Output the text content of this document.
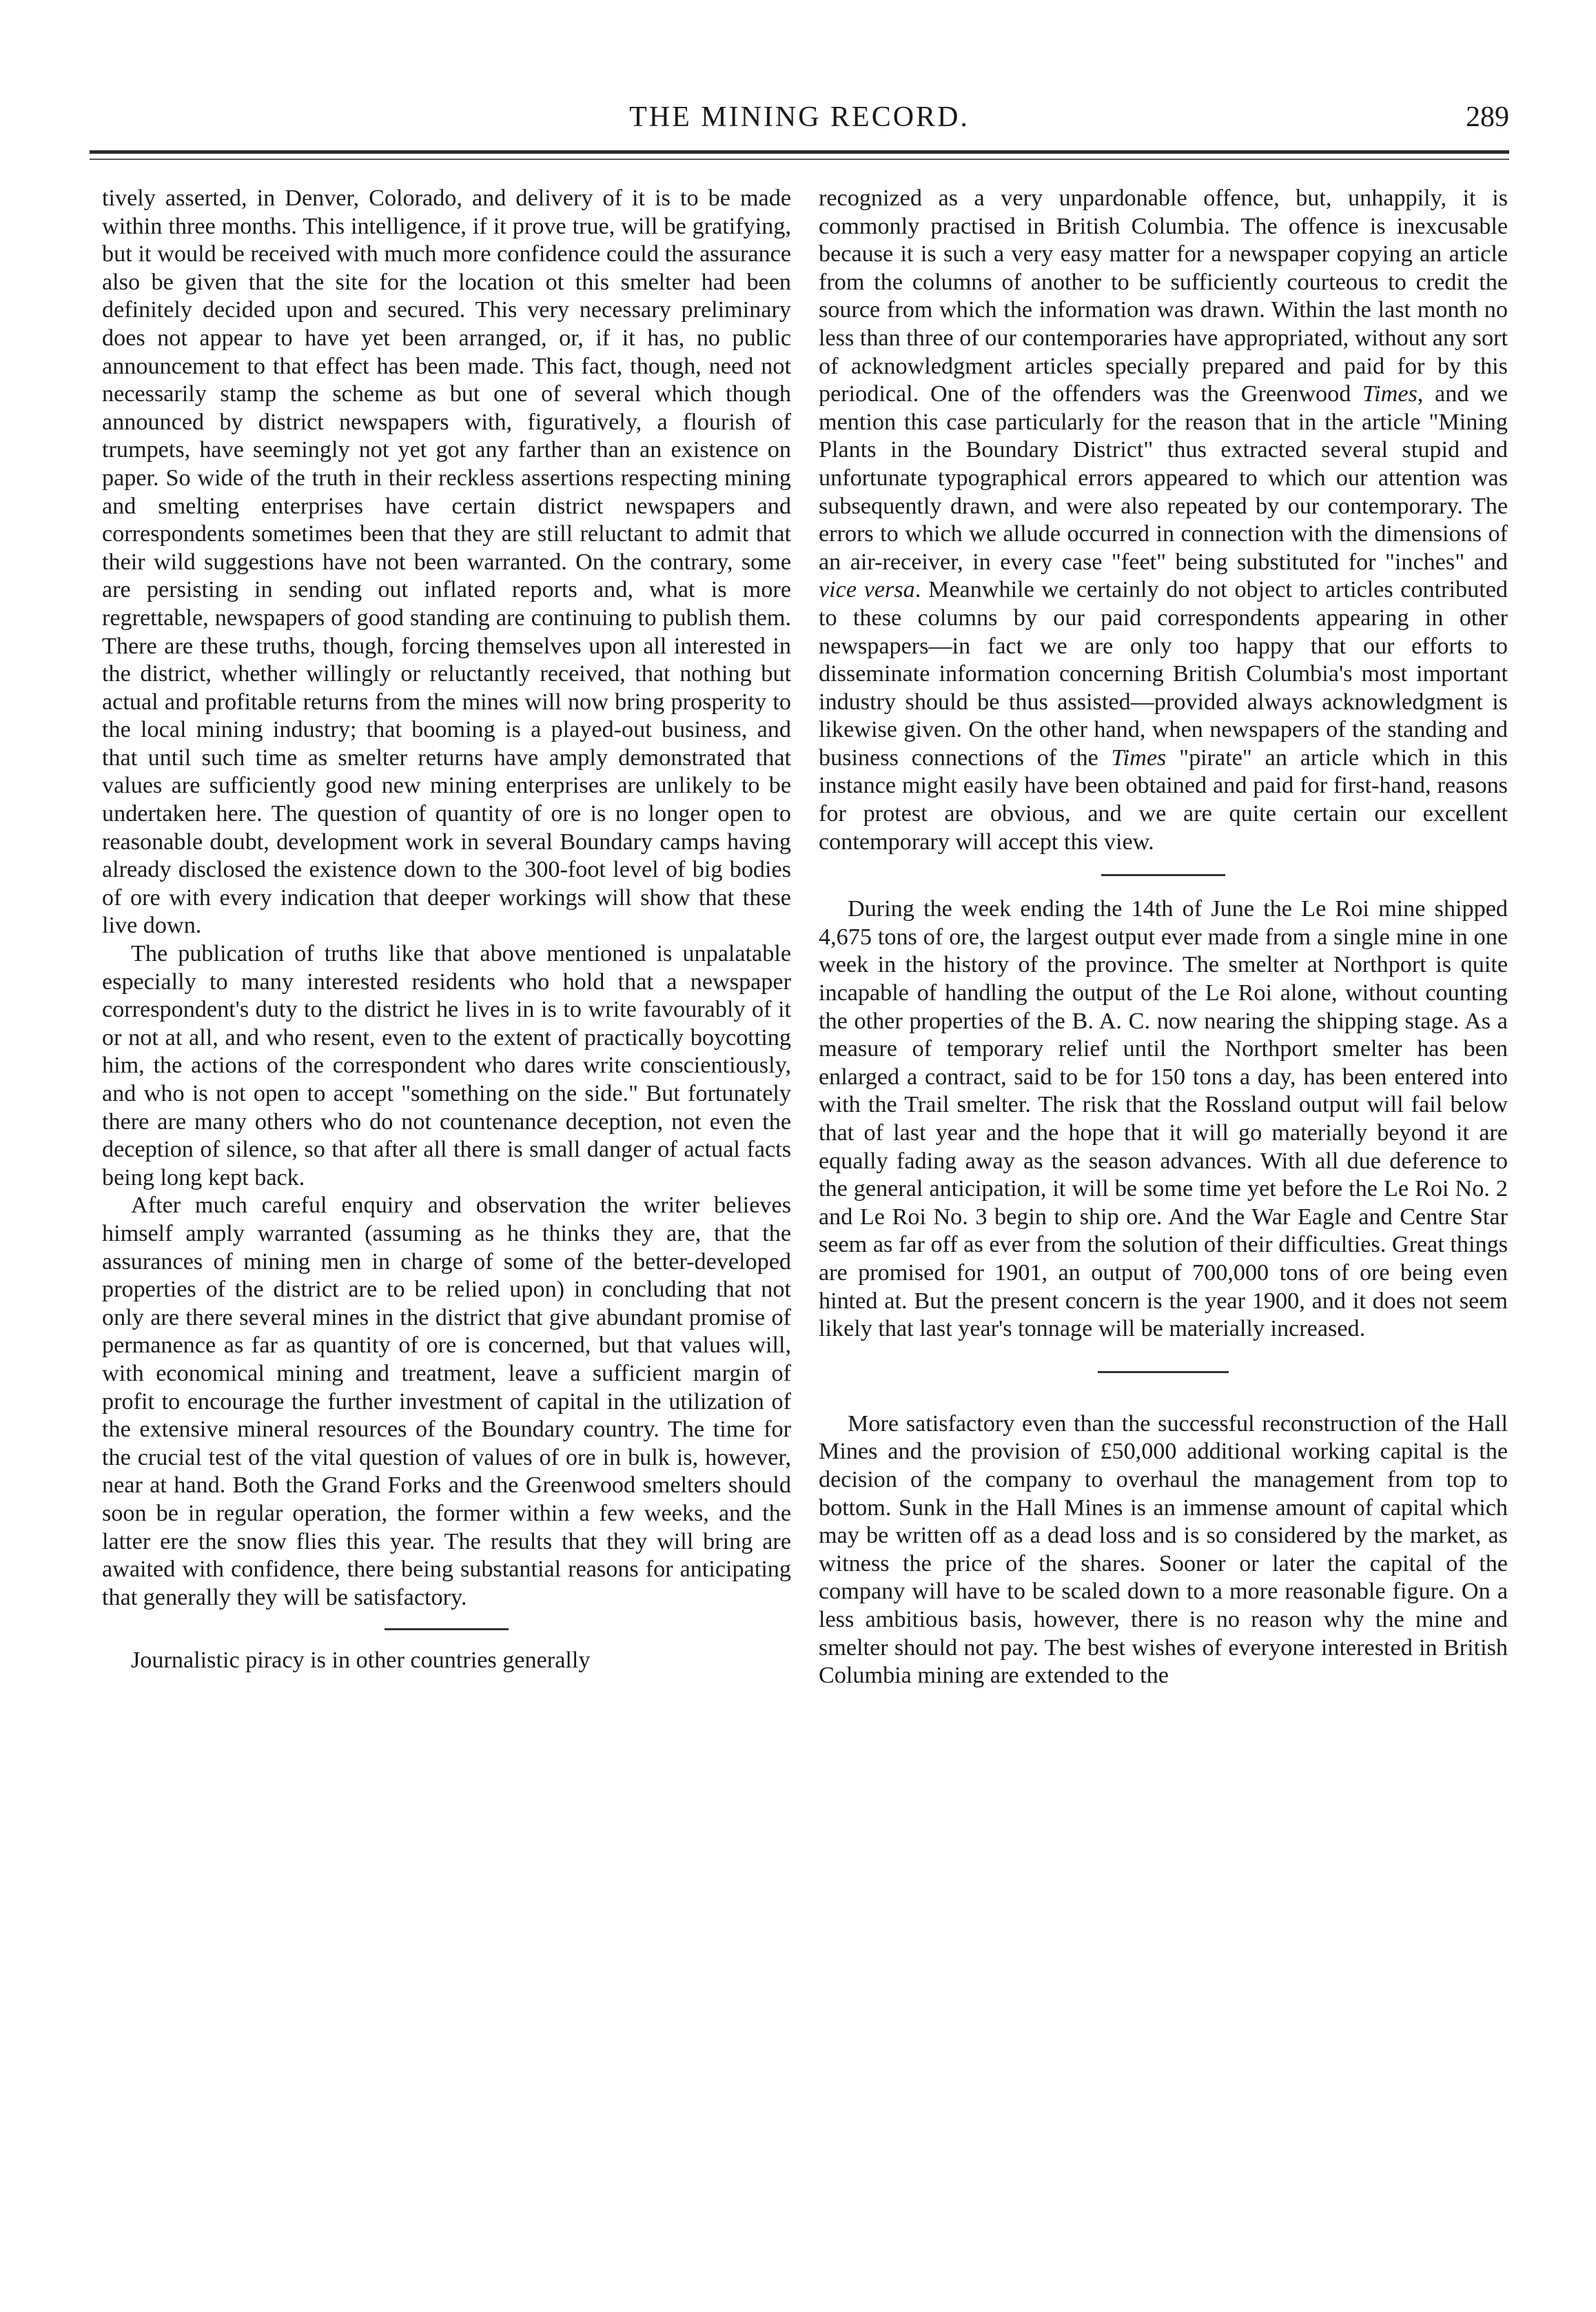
THE MINING RECORD.	289

tively asserted, in Denver, Colorado, and delivery of it is to be made within three months. This intelligence, if it prove true, will be gratifying, but it would be received with much more confidence could the assurance also be given that the site for the location ot this smelter had been definitely decided upon and secured. This very necessary preliminary does not appear to have yet been arranged, or, if it has, no public announcement to that effect has been made. This fact, though, need not necessarily stamp the scheme as but one of several which though announced by district newspapers with, figuratively, a flourish of trumpets, have seemingly not yet got any farther than an existence on paper. So wide of the truth in their reckless assertions respecting mining and smelting enterprises have certain district newspapers and correspondents sometimes been that they are still reluctant to admit that their wild suggestions have not been warranted. On the contrary, some are persisting in sending out inflated reports and, what is more regrettable, newspapers of good standing are continuing to publish them. There are these truths, though, forcing themselves upon all interested in the district, whether willingly or reluctantly received, that nothing but actual and profitable returns from the mines will now bring prosperity to the local mining industry; that booming is a played-out business, and that until such time as smelter returns have amply demonstrated that values are sufficiently good new mining enterprises are unlikely to be undertaken here. The question of quantity of ore is no longer open to reasonable doubt, development work in several Boundary camps having already disclosed the existence down to the 300-foot level of big bodies of ore with every indication that deeper workings will show that these live down.

The publication of truths like that above mentioned is unpalatable especially to many interested residents who hold that a newspaper correspondent's duty to the district he lives in is to write favourably of it or not at all, and who resent, even to the extent of practically boycotting him, the actions of the correspondent who dares write conscientiously, and who is not open to accept "something on the side." But fortunately there are many others who do not countenance deception, not even the deception of silence, so that after all there is small danger of actual facts being long kept back.

After much careful enquiry and observation the writer believes himself amply warranted (assuming as he thinks they are, that the assurances of mining men in charge of some of the better-developed properties of the district are to be relied upon) in concluding that not only are there several mines in the district that give abundant promise of permanence as far as quantity of ore is concerned, but that values will, with economical mining and treatment, leave a sufficient margin of profit to encourage the further investment of capital in the utilization of the extensive mineral resources of the Boundary country. The time for the crucial test of the vital question of values of ore in bulk is, however, near at hand. Both the Grand Forks and the Greenwood smelters should soon be in regular operation, the former within a few weeks, and the latter ere the snow flies this year. The results that they will bring are awaited with confidence, there being substantial reasons for anticipating that generally they will be satisfactory.

Journalistic piracy is in other countries generally

recognized as a very unpardonable offence, but, unhappily, it is commonly practised in British Columbia. The offence is inexcusable because it is such a very easy matter for a newspaper copying an article from the columns of another to be sufficiently courteous to credit the source from which the information was drawn. Within the last month no less than three of our contemporaries have appropriated, without any sort of acknowledgment articles specially prepared and paid for by this periodical. One of the offenders was the Greenwood Times, and we mention this case particularly for the reason that in the article "Mining Plants in the Boundary District" thus extracted several stupid and unfortunate typographical errors appeared to which our attention was subsequently drawn, and were also repeated by our contemporary. The errors to which we allude occurred in connection with the dimensions of an air-receiver, in every case "feet" being substituted for "inches" and vice versa. Meanwhile we certainly do not object to articles contributed to these columns by our paid correspondents appearing in other newspapers—in fact we are only too happy that our efforts to disseminate information concerning British Columbia's most important industry should be thus assisted—provided always acknowledgment is likewise given. On the other hand, when newspapers of the standing and business connections of the Times "pirate" an article which in this instance might easily have been obtained and paid for first-hand, reasons for protest are obvious, and we are quite certain our excellent contemporary will accept this view.

During the week ending the 14th of June the Le Roi mine shipped 4,675 tons of ore, the largest output ever made from a single mine in one week in the history of the province. The smelter at Northport is quite incapable of handling the output of the Le Roi alone, without counting the other properties of the B. A. C. now nearing the shipping stage. As a measure of temporary relief until the Northport smelter has been enlarged a contract, said to be for 150 tons a day, has been entered into with the Trail smelter. The risk that the Rossland output will fail below that of last year and the hope that it will go materially beyond it are equally fading away as the season advances. With all due deference to the general anticipation, it will be some time yet before the Le Roi No. 2 and Le Roi No. 3 begin to ship ore. And the War Eagle and Centre Star seem as far off as ever from the solution of their difficulties. Great things are promised for 1901, an output of 700,000 tons of ore being even hinted at. But the present concern is the year 1900, and it does not seem likely that last year's tonnage will be materially increased.

More satisfactory even than the successful reconstruction of the Hall Mines and the provision of £50,000 additional working capital is the decision of the company to overhaul the management from top to bottom. Sunk in the Hall Mines is an immense amount of capital which may be written off as a dead loss and is so considered by the market, as witness the price of the shares. Sooner or later the capital of the company will have to be scaled down to a more reasonable figure. On a less ambitious basis, however, there is no reason why the mine and smelter should not pay. The best wishes of everyone interested in British Columbia mining are extended to the
